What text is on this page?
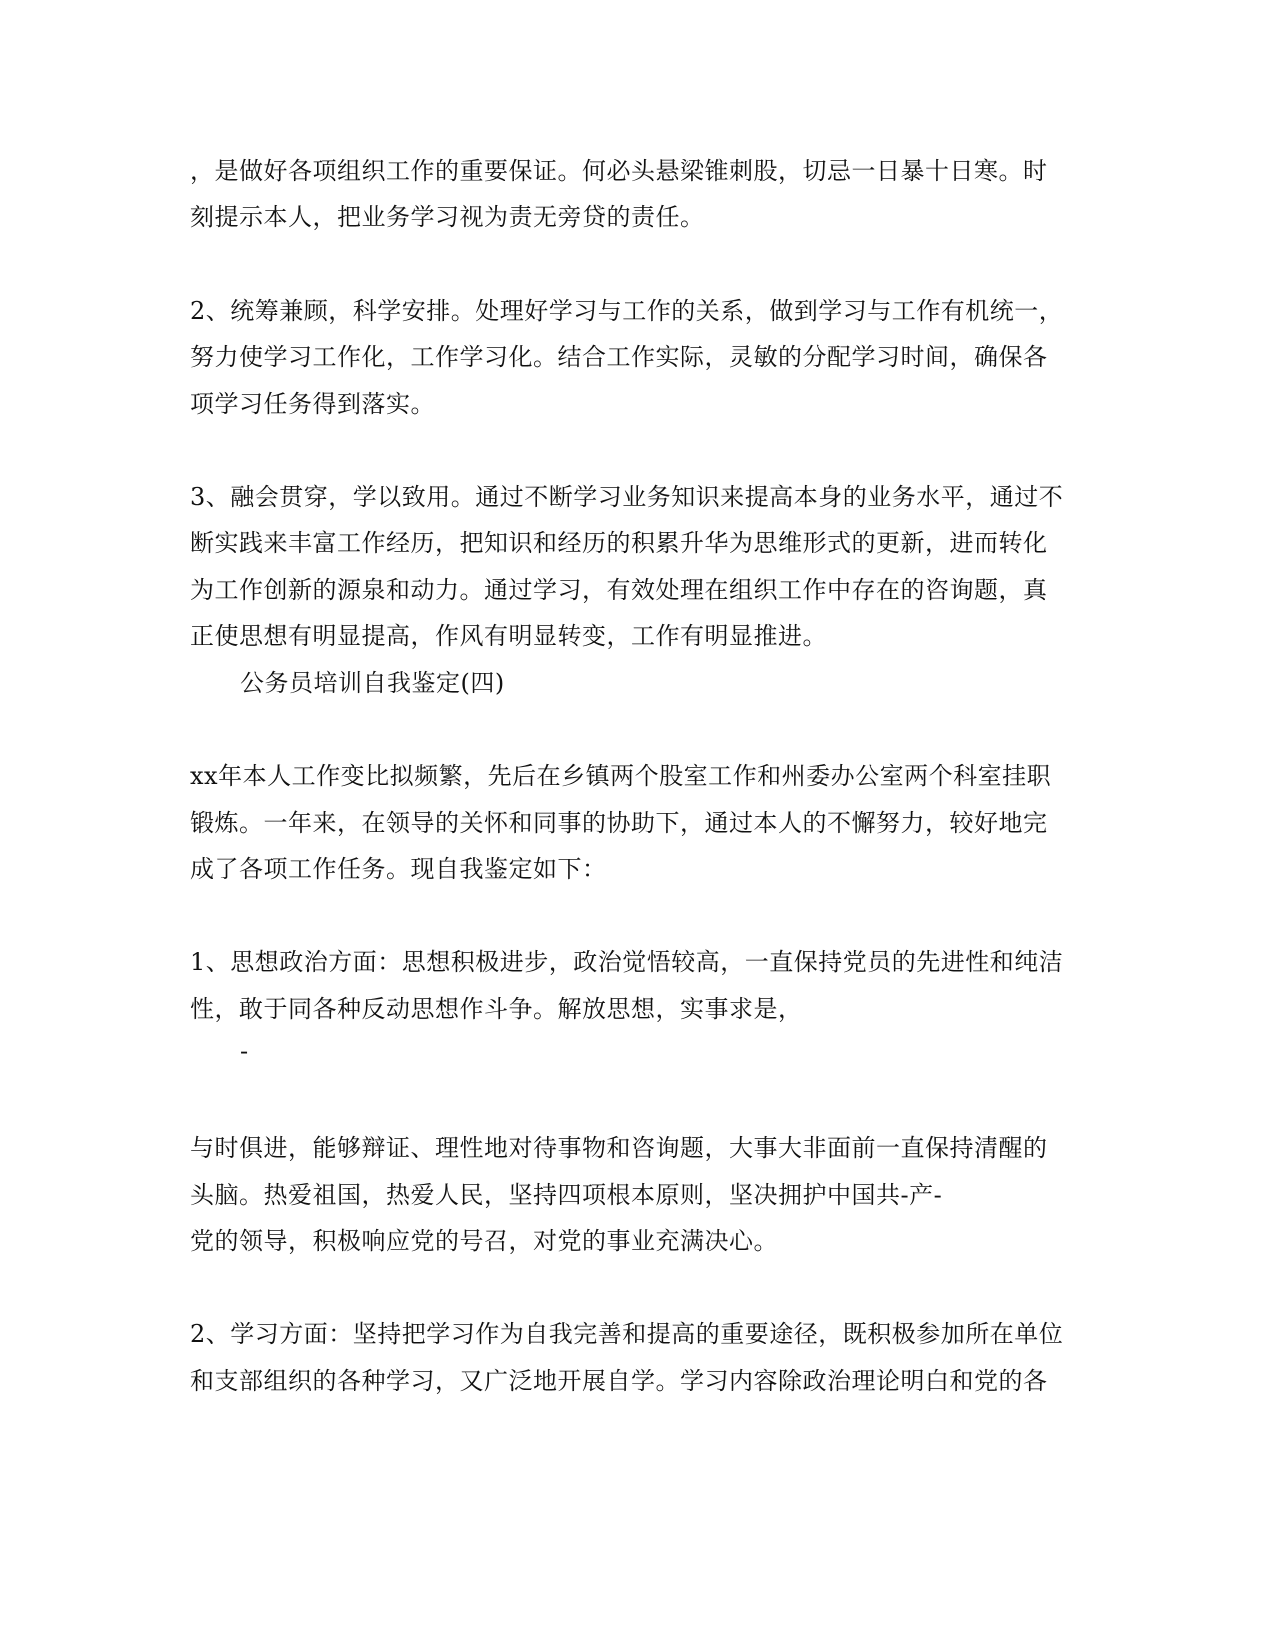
，是做好各项组织工作的重要保证。何必头悬梁锥刺股，切忌一日暴十日寒。时
刻提示本人，把业务学习视为责无旁贷的责任。
2、统筹兼顾，科学安排。处理好学习与工作的关系，做到学习与工作有机统一，
努力使学习工作化，工作学习化。结合工作实际，灵敏的分配学习时间，确保各
项学习任务得到落实。
3、融会贯穿，学以致用。通过不断学习业务知识来提高本身的业务水平，通过不
断实践来丰富工作经历，把知识和经历的积累升华为思维形式的更新，进而转化
为工作创新的源泉和动力。通过学习，有效处理在组织工作中存在的咨询题，真
正使思想有明显提高，作风有明显转变，工作有明显推进。
公务员培训自我鉴定(四)
xx年本人工作变比拟频繁，先后在乡镇两个股室工作和州委办公室两个科室挂职
锻炼。一年来，在领导的关怀和同事的协助下，通过本人的不懈努力，较好地完
成了各项工作任务。现自我鉴定如下：
1、思想政治方面：思想积极进步，政治觉悟较高，一直保持党员的先进性和纯洁
性，敢于同各种反动思想作斗争。解放思想，实事求是，
-
与时俱进，能够辩证、理性地对待事物和咨询题，大事大非面前一直保持清醒的
头脑。热爱祖国，热爱人民，坚持四项根本原则，坚决拥护中国共-产-
党的领导，积极响应党的号召，对党的事业充满决心。
2、学习方面：坚持把学习作为自我完善和提高的重要途径，既积极参加所在单位
和支部组织的各种学习，又广泛地开展自学。学习内容除政治理论明白和党的各
